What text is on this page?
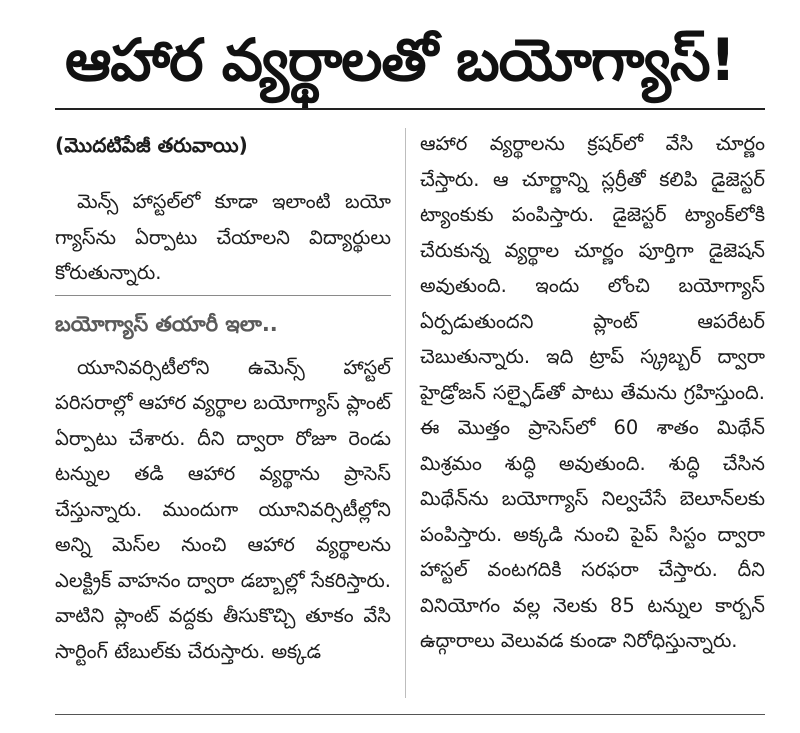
ఆహార వ్యర్థాలతో బయోగ్యాస్!

(మొదటిపేజీ తరువాయి)

మెన్స్ హాస్టల్‌లో కూడా ఇలాంటి బయో గ్యాస్‌ను ఏర్పాటు చేయాలని విద్యార్థులు కోరుతున్నారు.

బయోగ్యాస్ తయారీ ఇలా..

యూనివర్సిటీలోని ఉమెన్స్ హాస్టల్ పరిసరాల్లో ఆహార వ్యర్థాల బయోగ్యాస్ ప్లాంట్ ఏర్పాటు చేశారు. దీని ద్వారా రోజూ రెండు టన్నుల తడి ఆహార వ్యర్థాను ప్రాసెస్ చేస్తున్నారు. ముందుగా యూనివర్సిటీల్లోని అన్ని మెస్‌ల నుంచి ఆహార వ్యర్థాలను ఎలక్ట్రిక్ వాహనం ద్వారా డబ్బాల్లో సేకరిస్తారు. వాటిని ప్లాంట్ వద్దకు తీసుకొచ్చి తూకం వేసి సార్టింగ్ టేబుల్‌కు చేరుస్తారు. అక్కడ

ఆహార వ్యర్థాలను క్రషర్‌లో వేసి చూర్ణం చేస్తారు. ఆ చూర్ణాన్ని స్లర్రీతో కలిపి డైజెస్టర్ ట్యాంకుకు పంపిస్తారు. డైజెస్టర్ ట్యాంక్‌లోకి చేరుకున్న వ్యర్థాల చూర్ణం పూర్తిగా డైజెషన్ అవుతుంది. ఇందు లోంచి బయోగ్యాస్ ఏర్పడుతుందని ప్లాంట్ ఆపరేటర్ చెబుతున్నారు. ఇది ట్రాప్ స్క్రబ్బర్ ద్వారా హైడ్రోజన్ సల్ఫైడ్‌తో పాటు తేమను గ్రహిస్తుంది. ఈ మొత్తం ప్రాసెస్‌లో 60 శాతం మిథేన్ మిశ్రమం శుద్ధి అవుతుంది. శుద్ధి చేసిన మిథేన్‌ను బయోగ్యాస్ నిల్వచేసే బెలూన్‌లకు పంపిస్తారు. అక్కడి నుంచి పైప్ సిస్టం ద్వారా హాస్టల్ వంటగదికి సరఫరా చేస్తారు. దీని వినియోగం వల్ల నెలకు 85 టన్నుల కార్బన్ ఉద్గారాలు వెలువడ కుండా నిరోధిస్తున్నారు.
